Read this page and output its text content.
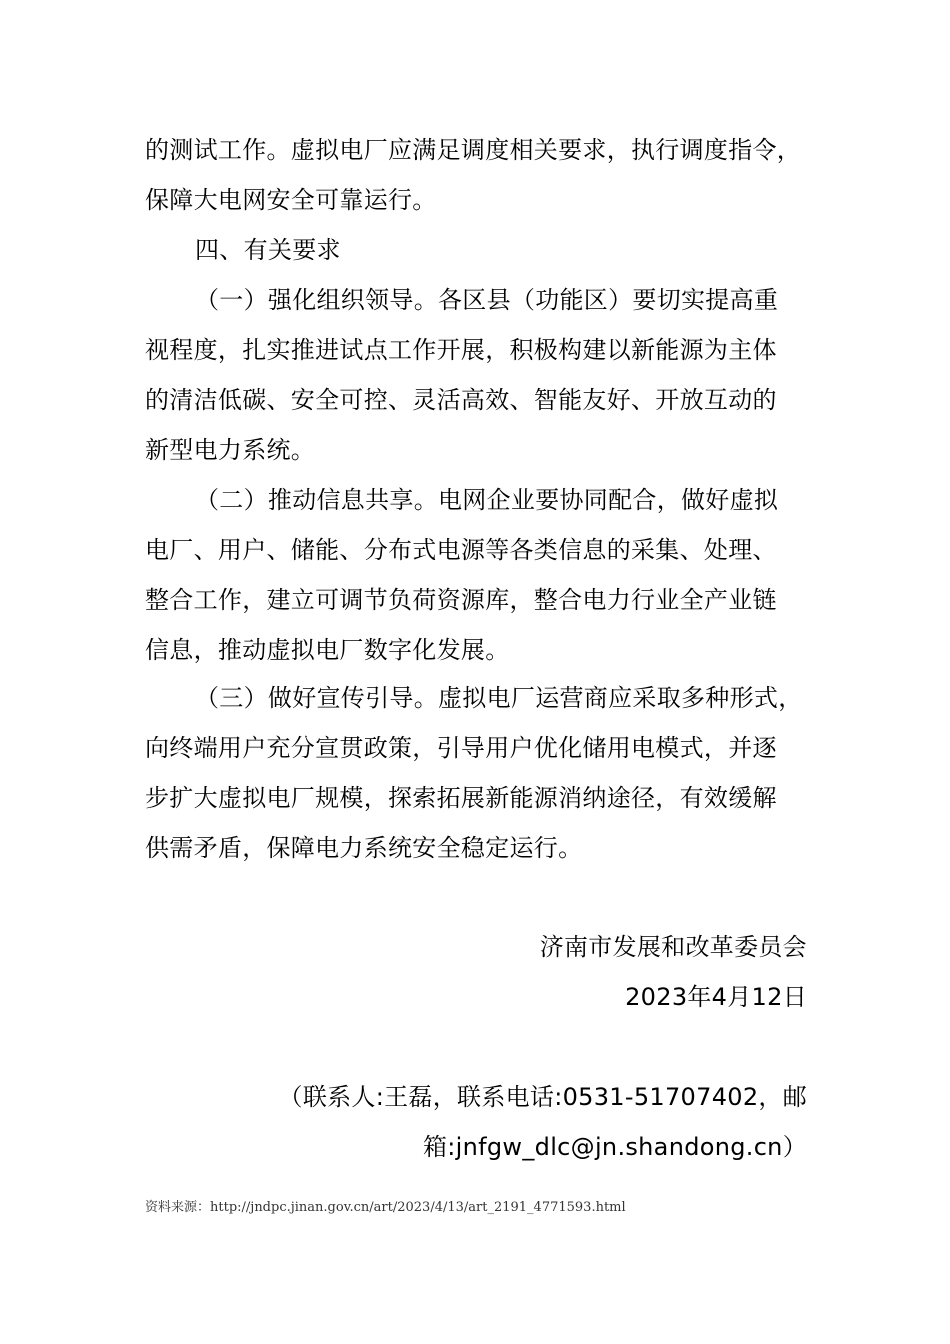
的测试工作。虚拟电厂应满足调度相关要求，执行调度指令，
保障大电网安全可靠运行。
四、有关要求
（一）强化组织领导。各区县（功能区）要切实提高重
视程度，扎实推进试点工作开展，积极构建以新能源为主体
的清洁低碳、安全可控、灵活高效、智能友好、开放互动的
新型电力系统。
（二）推动信息共享。电网企业要协同配合，做好虚拟
电厂、用户、储能、分布式电源等各类信息的采集、处理、
整合工作，建立可调节负荷资源库，整合电力行业全产业链
信息，推动虚拟电厂数字化发展。
（三）做好宣传引导。虚拟电厂运营商应采取多种形式，
向终端用户充分宣贯政策，引导用户优化储用电模式，并逐
步扩大虚拟电厂规模，探索拓展新能源消纳途径，有效缓解
供需矛盾，保障电力系统安全稳定运行。
济南市发展和改革委员会
2023年4月12日
（联系人:王磊，联系电话:0531-51707402，邮
箱:jnfgw_dlc@jn.shandong.cn）
资料来源：http://jndpc.jinan.gov.cn/art/2023/4/13/art_2191_4771593.html
